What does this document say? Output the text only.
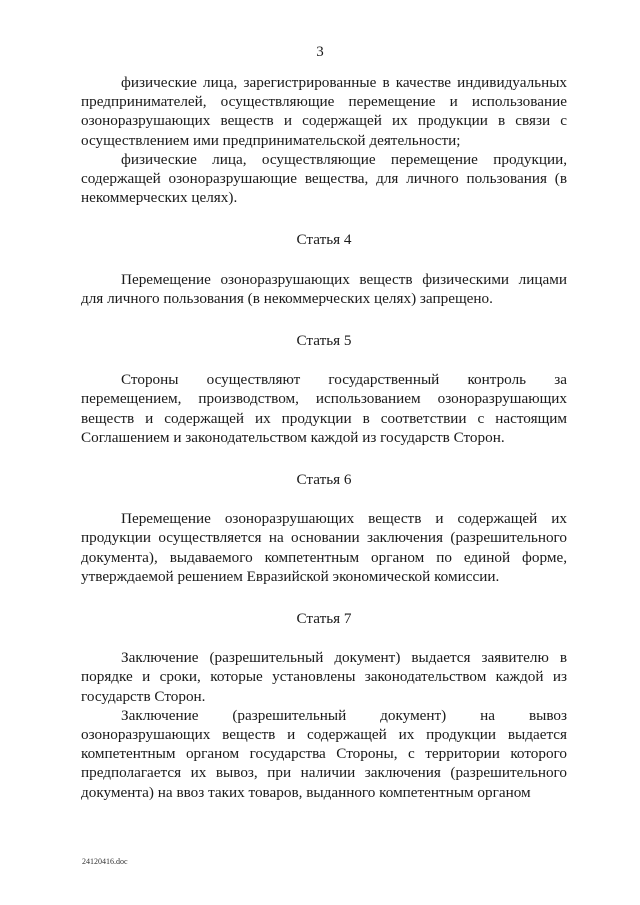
3

физические лица, зарегистрированные в качестве индивидуальных предпринимателей, осуществляющие перемещение и использование озоноразрушающих веществ и содержащей их продукции в связи с осуществлением ими предпринимательской деятельности;

физические лица, осуществляющие перемещение продукции, содержащей озоноразрушающие вещества, для личного пользования (в некоммерческих целях).

Статья 4

Перемещение озоноразрушающих веществ физическими лицами для личного пользования (в некоммерческих целях) запрещено.

Статья 5

Стороны осуществляют государственный контроль за перемещением, производством, использованием озоноразрушающих веществ и содержащей их продукции в соответствии с настоящим Соглашением и законодательством каждой из государств Сторон.

Статья 6

Перемещение озоноразрушающих веществ и содержащей их продукции осуществляется на основании заключения (разрешительного документа), выдаваемого компетентным органом по единой форме, утверждаемой решением Евразийской экономической комиссии.

Статья 7

Заключение (разрешительный документ) выдается заявителю в порядке и сроки, которые установлены законодательством каждой из государств Сторон.

Заключение (разрешительный документ) на вывоз озоноразрушающих веществ и содержащей их продукции выдается компетентным органом государства Стороны, с территории которого предполагается их вывоз, при наличии заключения (разрешительного документа) на ввоз таких товаров, выданного компетентным органом

24120416.doc
